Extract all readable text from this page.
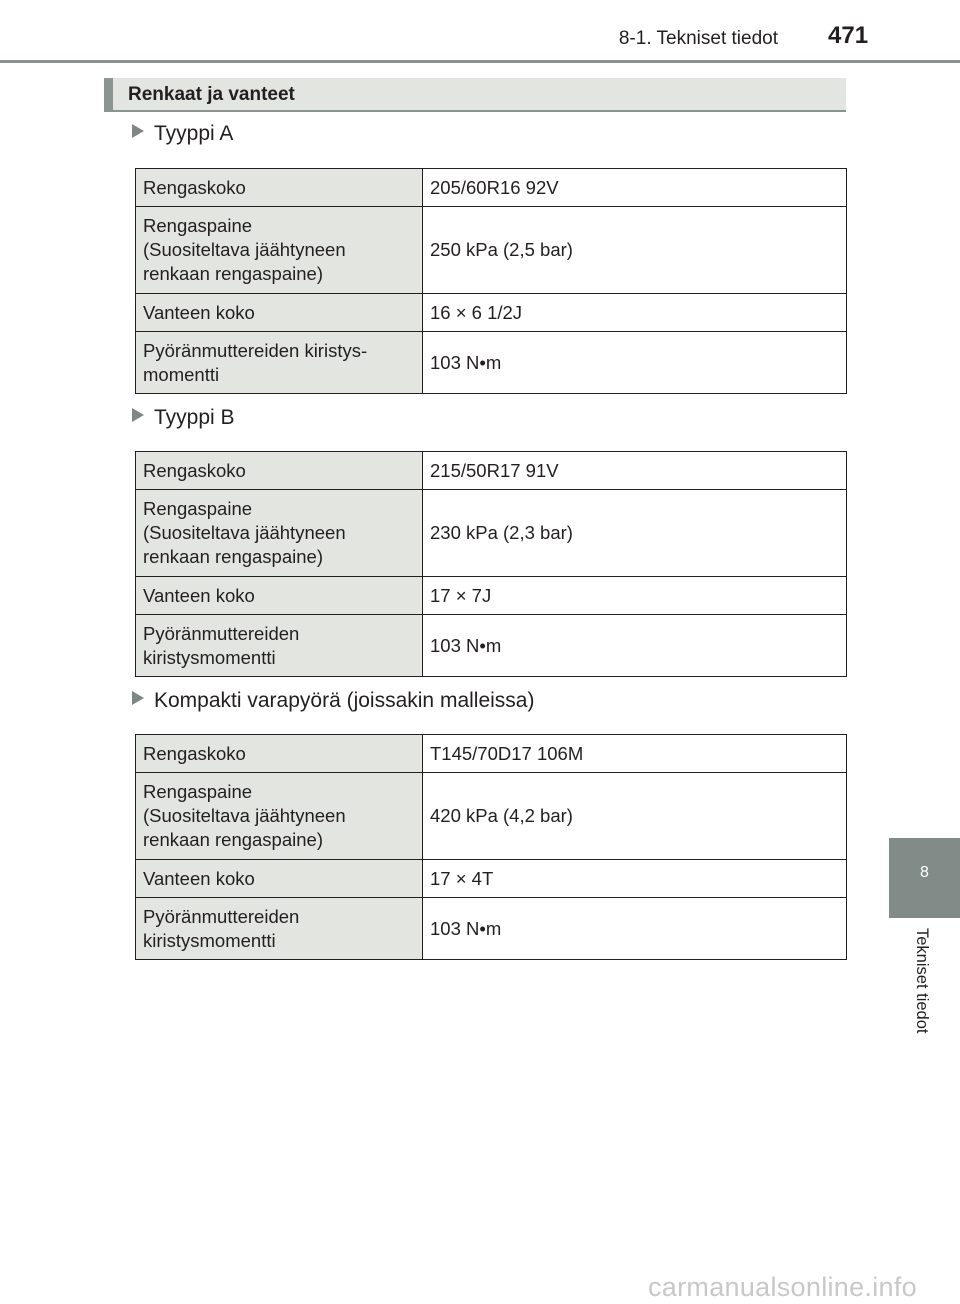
8-1. Tekniset tiedot 471
Renkaat ja vanteet
Tyyppi A
Rengaskoko	205/60R16 92V
Rengaspaine
(Suositeltava jäähtyneen
renkaan rengaspaine)	250 kPa (2,5 bar)
Vanteen koko	16 × 6 1/2J
Pyöränmuttereiden kiristys-
momentti	103 N•m
Tyyppi B
Rengaskoko	215/50R17 91V
Rengaspaine
(Suositeltava jäähtyneen
renkaan rengaspaine)	230 kPa (2,3 bar)
Vanteen koko	17 × 7J
Pyöränmuttereiden
kiristysmomentti	103 N•m
Kompakti varapyörä (joissakin malleissa)
Rengaskoko	T145/70D17 106M
Rengaspaine
(Suositeltava jäähtyneen
renkaan rengaspaine)	420 kPa (4,2 bar)
Vanteen koko	17 × 4T
Pyöränmuttereiden
kiristysmomentti	103 N•m
8
Tekniset tiedot
carmanualsonline.info
